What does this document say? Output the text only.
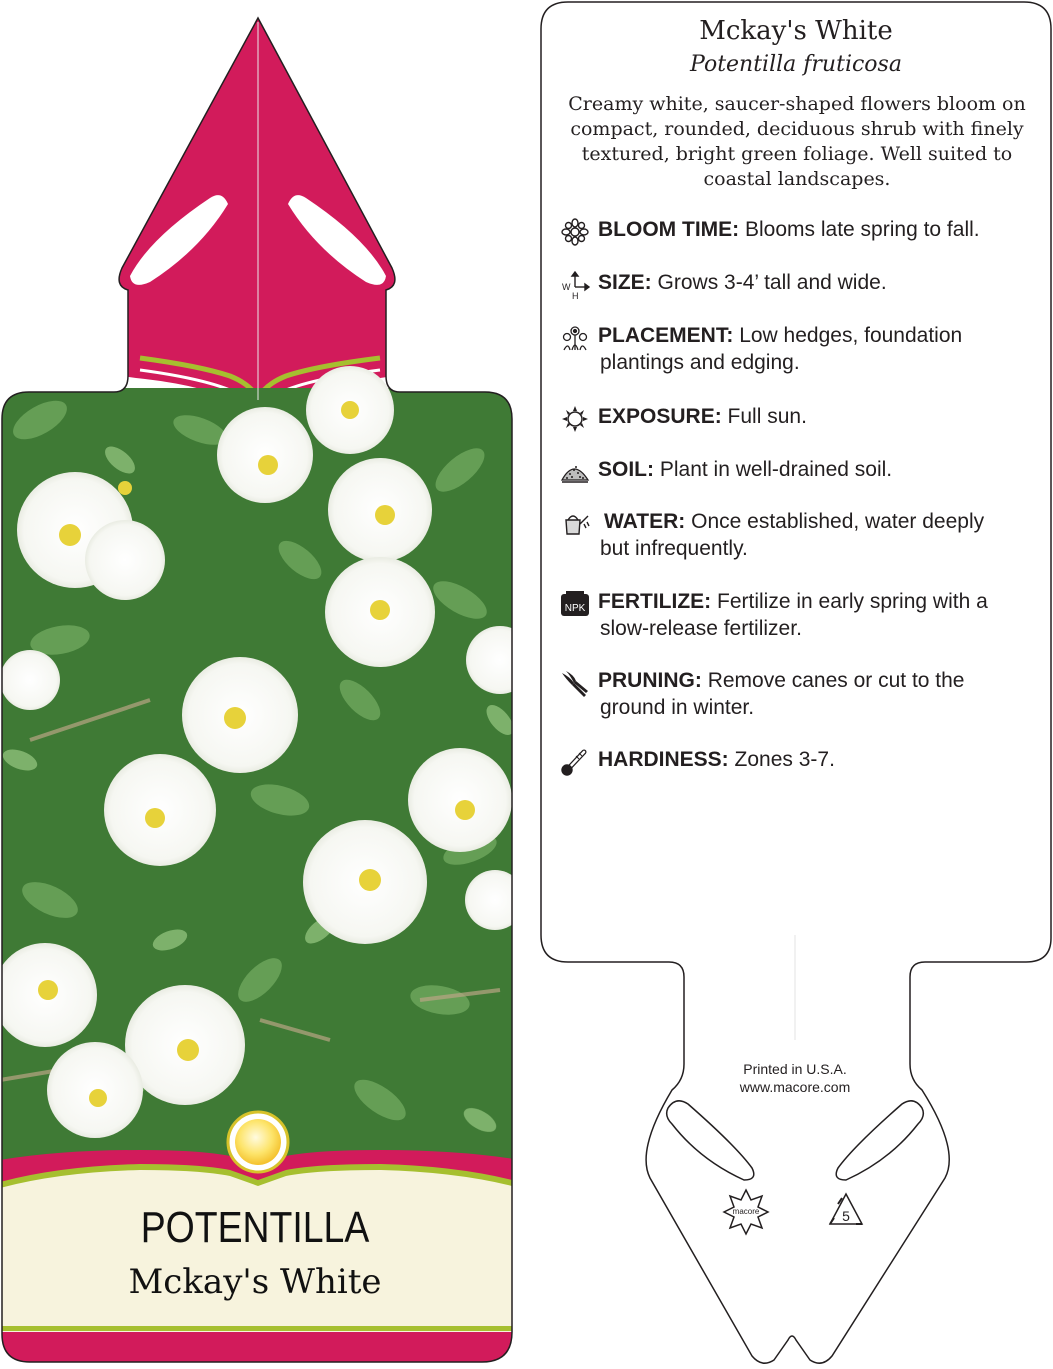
macore	5
Mckay's White
Potentilla fruticosa
Creamy white, saucer-shaped flowers bloom on compact, rounded, deciduous shrub with finely textured, bright green foliage. Well suited to coastal landscapes.
BLOOM TIME: Blooms late spring to fall.
W
H
SIZE: Grows 3-4’ tall and wide.
PLACEMENT: Low hedges, foundation
plantings and edging.
EXPOSURE: Full sun.
SOIL: Plant in well-drained soil.
WATER: Once established, water deeply
but infrequently.
NPK FERTILIZE: Fertilize in early spring with a
slow-release fertilizer.
PRUNING: Remove canes or cut to the
ground in winter.
HARDINESS: Zones 3-7.
Printed in U.S.A.
www.macore.com
POTENTILLA
Mckay's White
